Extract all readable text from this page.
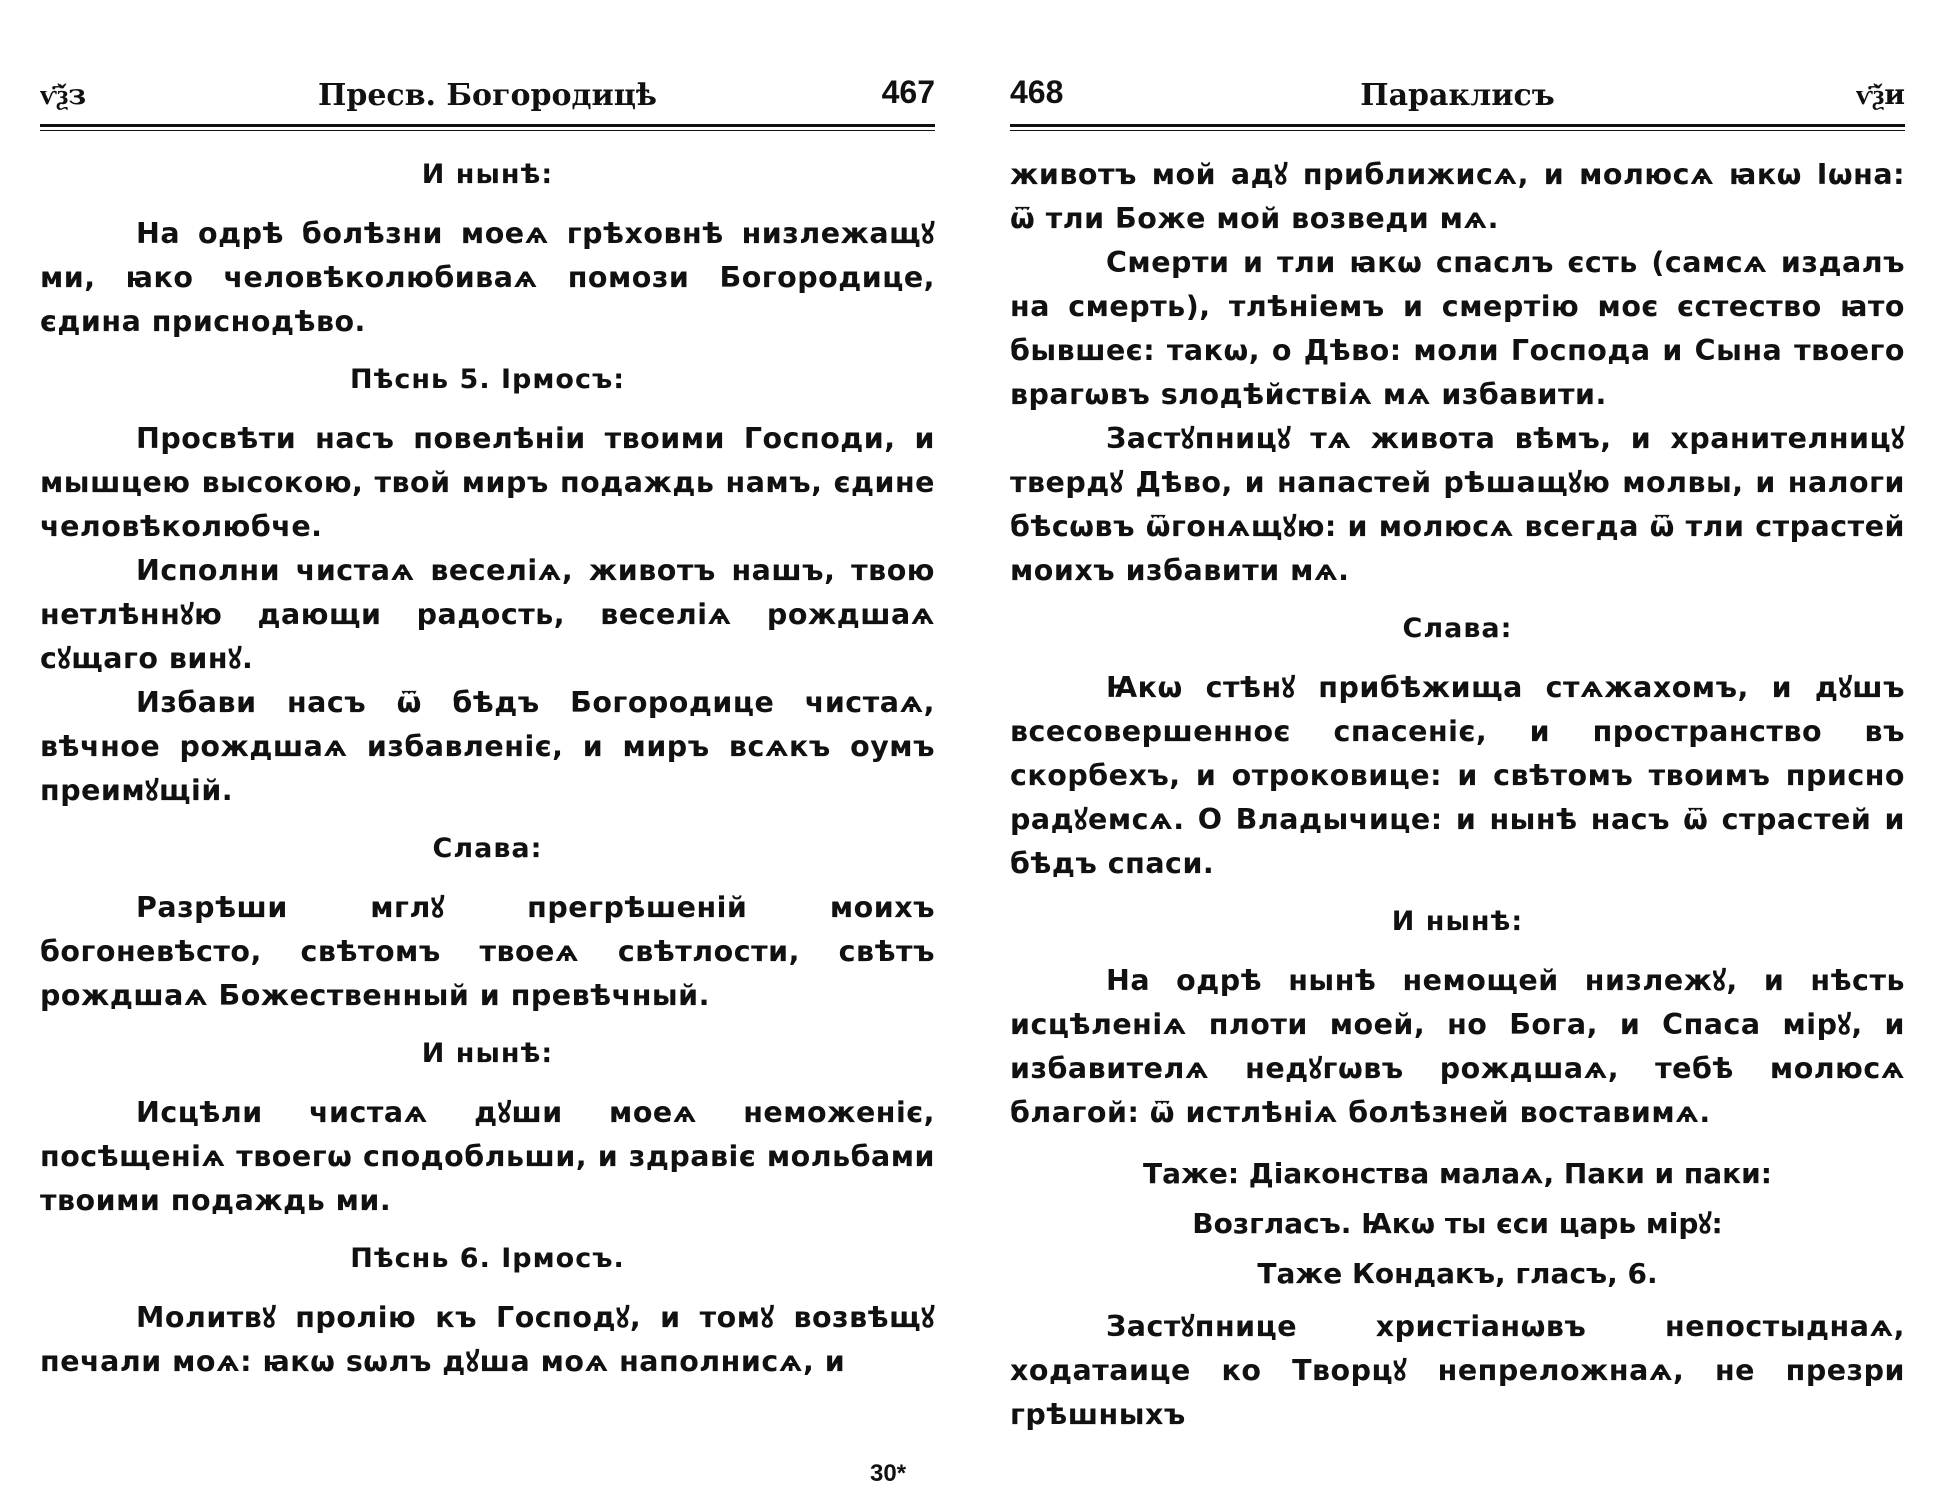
ѵ҃ѯз	Пресв. Богородицѣ	467
И нынѣ:

На одрѣ болѣзни моеѧ грѣховнѣ низлежащꙋ ми, ꙗко человѣколюбиваѧ помози Богородице, єдина приснодѣво.

Пѣснь 5. Ірмосъ:

Просвѣти насъ повелѣніи твоими Господи, и мышцею высокою, твой миръ подаждь намъ, єдине человѣколюбче.

Исполни чистаѧ веселіѧ, животъ нашъ, твою нетлѣннꙋю дающи радость, веселіѧ рождшаѧ сꙋщаго винꙋ.

Избави насъ ѿ бѣдъ Богородице чистаѧ, вѣчное рождшаѧ избавленіє, и миръ всѧкъ оумъ преимꙋщій.

Слава:

Разрѣши мглꙋ прегрѣшеній моихъ богоневѣсто, свѣтомъ твоеѧ свѣтлости, свѣтъ рождшаѧ Божественный и превѣчный.

И нынѣ:

Исцѣли чистаѧ дꙋши моеѧ неможеніє, посѣщеніѧ твоегѡ сподобльши, и здравіє мольбами твоими подаждь ми.

Пѣснь 6. Ірмосъ.

Молитвꙋ пролію къ Господꙋ, и томꙋ возвѣщꙋ печали моѧ: ꙗкѡ ѕѡлъ дꙋша моѧ наполнисѧ, и

30*
468	Параклисъ	ѵ҃ѯи

животъ мой адꙋ приближисѧ, и молюсѧ ꙗкѡ Іѡна: ѿ тли Боже мой возведи мѧ.

Смерти и тли ꙗкѡ спаслъ єсть (самсѧ издалъ на смерть), тлѣніемъ и смертію моє єстество ꙗто бывшеє: такѡ, о Дѣво: моли Господа и Сына твоего врагѡвъ ѕлодѣйствіѧ мѧ избавити.

Застꙋпницꙋ тѧ живота вѣмъ, и хранителницꙋ твердꙋ Дѣво, и напастей рѣшащꙋю молвы, и налоги бѣсѡвъ ѿгонѧщꙋю: и молюсѧ всегда ѿ тли страстей моихъ избавити мѧ.

Слава:

Ꙗкѡ стѣнꙋ прибѣжища стѧжахомъ, и дꙋшъ всесовершенноє спасеніє, и пространство въ скорбехъ, и отроковице: и свѣтомъ твоимъ присно радꙋемсѧ. О Владычице: и нынѣ насъ ѿ страстей и бѣдъ спаси.

И нынѣ:

На одрѣ нынѣ немощей низлежꙋ, и нѣсть исцѣленіѧ плоти моей, но Бога, и Спаса мірꙋ, и избавителѧ недꙋгѡвъ рождшаѧ, тебѣ молюсѧ благой: ѿ истлѣніѧ болѣзней воставимѧ.

Таже: Діаконства малаѧ, Паки и паки:
Возгласъ. Ꙗкѡ ты єси царь мірꙋ:
Таже Кондакъ, гласъ, 6.

Застꙋпнице христіанѡвъ непостыднаѧ, ходатаице ко Творцꙋ непреложнаѧ, не презри грѣшныхъ
